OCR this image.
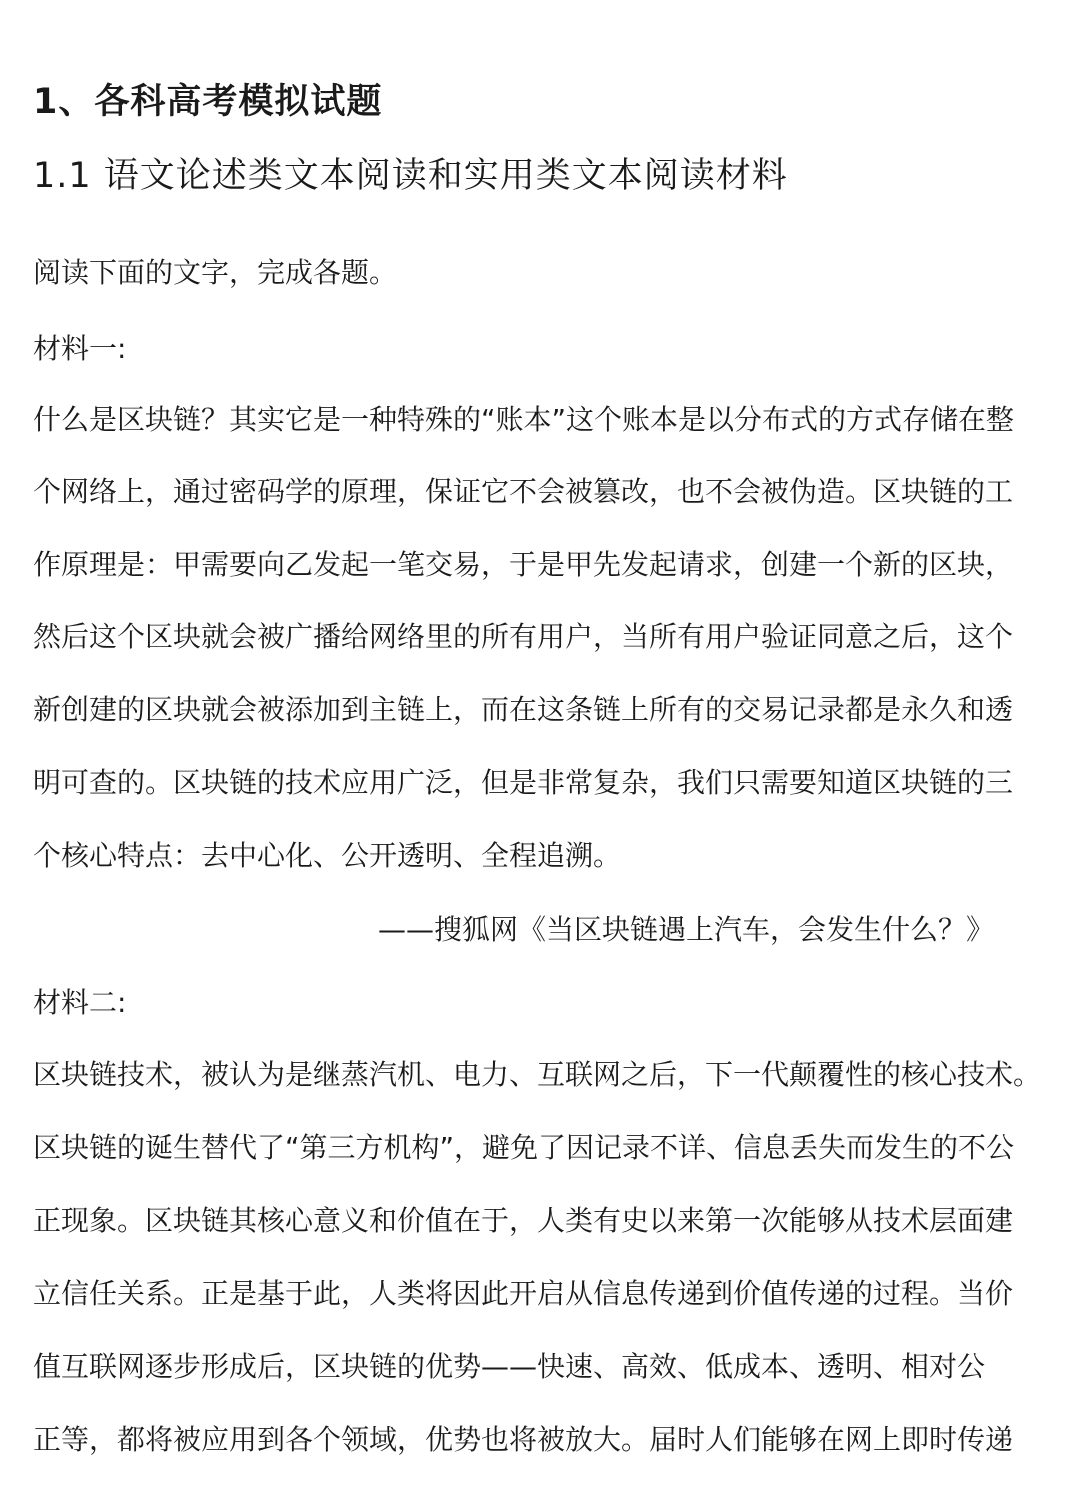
1、各科高考模拟试题
1.1 语文论述类文本阅读和实用类文本阅读材料
阅读下面的文字，完成各题。
材料一:
什么是区块链？其实它是一种特殊的“账本”这个账本是以分布式的方式存储在整
个网络上，通过密码学的原理，保证它不会被篡改，也不会被伪造。区块链的工
作原理是：甲需要向乙发起一笔交易，于是甲先发起请求，创建一个新的区块，
然后这个区块就会被广播给网络里的所有用户，当所有用户验证同意之后，这个
新创建的区块就会被添加到主链上，而在这条链上所有的交易记录都是永久和透
明可查的。区块链的技术应用广泛，但是非常复杂，我们只需要知道区块链的三
个核心特点：去中心化、公开透明、全程追溯。
——搜狐网《当区块链遇上汽车，会发生什么？》
材料二:
区块链技术，被认为是继蒸汽机、电力、互联网之后，下一代颠覆性的核心技术。
区块链的诞生替代了“第三方机构”，避免了因记录不详、信息丢失而发生的不公
正现象。区块链其核心意义和价值在于，人类有史以来第一次能够从技术层面建
立信任关系。正是基于此，人类将因此开启从信息传递到价值传递的过程。当价
值互联网逐步形成后，区块链的优势——快速、高效、低成本、透明、相对公
正等，都将被应用到各个领域，优势也将被放大。届时人们能够在网上即时传递
